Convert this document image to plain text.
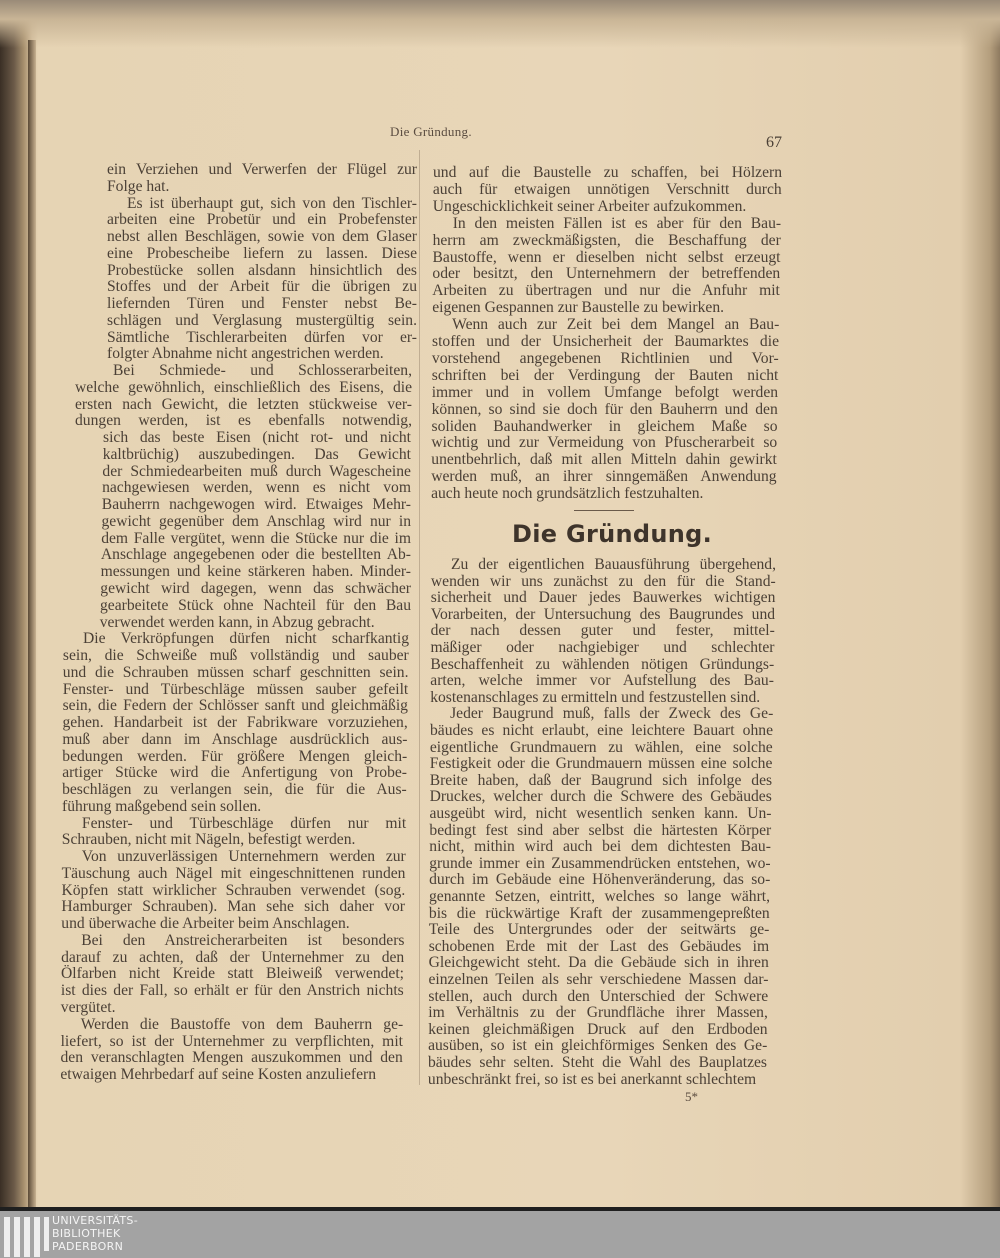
Die Gründung.
67
Die Gründung.
ein Verziehen und Verwerfen der Flügel zur
Folge hat.
Es ist überhaupt gut, sich von den Tischler-
arbeiten eine Probetür und ein Probefenster
nebst allen Beschlägen, sowie von dem Glaser
eine Probescheibe liefern zu lassen. Diese
Probestücke sollen alsdann hinsichtlich des
Stoffes und der Arbeit für die übrigen zu
liefernden Türen und Fenster nebst Be-
schlägen und Verglasung mustergültig sein.
Sämtliche Tischlerarbeiten dürfen vor er-
folgter Abnahme nicht angestrichen werden.
Bei Schmiede- und Schlosserarbeiten,
welche gewöhnlich, einschließlich des Eisens, die
ersten nach Gewicht, die letzten stückweise ver-
dungen werden, ist es ebenfalls notwendig,
sich das beste Eisen (nicht rot- und nicht
kaltbrüchig) auszubedingen. Das Gewicht
der Schmiedearbeiten muß durch Wagescheine
nachgewiesen werden, wenn es nicht vom
Bauherrn nachgewogen wird. Etwaiges Mehr-
gewicht gegenüber dem Anschlag wird nur in
dem Falle vergütet, wenn die Stücke nur die im
Anschlage angegebenen oder die bestellten Ab-
messungen und keine stärkeren haben. Minder-
gewicht wird dagegen, wenn das schwächer
gearbeitete Stück ohne Nachteil für den Bau
verwendet werden kann, in Abzug gebracht.
Die Verkröpfungen dürfen nicht scharfkantig
sein, die Schweiße muß vollständig und sauber
und die Schrauben müssen scharf geschnitten sein.
Fenster- und Türbeschläge müssen sauber gefeilt
sein, die Federn der Schlösser sanft und gleichmäßig
gehen. Handarbeit ist der Fabrikware vorzuziehen,
muß aber dann im Anschlage ausdrücklich aus-
bedungen werden. Für größere Mengen gleich-
artiger Stücke wird die Anfertigung von Probe-
beschlägen zu verlangen sein, die für die Aus-
führung maßgebend sein sollen.
Fenster- und Türbeschläge dürfen nur mit
Schrauben, nicht mit Nägeln, befestigt werden.
Von unzuverlässigen Unternehmern werden zur
Täuschung auch Nägel mit eingeschnittenen runden
Köpfen statt wirklicher Schrauben verwendet (sog.
Hamburger Schrauben). Man sehe sich daher vor
und überwache die Arbeiter beim Anschlagen.
Bei den Anstreicherarbeiten ist besonders
darauf zu achten, daß der Unternehmer zu den
Ölfarben nicht Kreide statt Bleiweiß verwendet;
ist dies der Fall, so erhält er für den Anstrich nichts
vergütet.
Werden die Baustoffe von dem Bauherrn ge-
liefert, so ist der Unternehmer zu verpflichten, mit
den veranschlagten Mengen auszukommen und den
etwaigen Mehrbedarf auf seine Kosten anzuliefern
und auf die Baustelle zu schaffen, bei Hölzern
auch für etwaigen unnötigen Verschnitt durch
Ungeschicklichkeit seiner Arbeiter aufzukommen.
In den meisten Fällen ist es aber für den Bau-
herrn am zweckmäßigsten, die Beschaffung der
Baustoffe, wenn er dieselben nicht selbst erzeugt
oder besitzt, den Unternehmern der betreffenden
Arbeiten zu übertragen und nur die Anfuhr mit
eigenen Gespannen zur Baustelle zu bewirken.
Wenn auch zur Zeit bei dem Mangel an Bau-
stoffen und der Unsicherheit der Baumarktes die
vorstehend angegebenen Richtlinien und Vor-
schriften bei der Verdingung der Bauten nicht
immer und in vollem Umfange befolgt werden
können, so sind sie doch für den Bauherrn und den
soliden Bauhandwerker in gleichem Maße so
wichtig und zur Vermeidung von Pfuscherarbeit so
unentbehrlich, daß mit allen Mitteln dahin gewirkt
werden muß, an ihrer sinngemäßen Anwendung
auch heute noch grundsätzlich festzuhalten.
Zu der eigentlichen Bauausführung übergehend,
wenden wir uns zunächst zu den für die Stand-
sicherheit und Dauer jedes Bauwerkes wichtigen
Vorarbeiten, der Untersuchung des Baugrundes und
der nach dessen guter und fester, mittel-
mäßiger oder nachgiebiger und schlechter
Beschaffenheit zu wählenden nötigen Gründungs-
arten, welche immer vor Aufstellung des Bau-
kostenanschlages zu ermitteln und festzustellen sind.
Jeder Baugrund muß, falls der Zweck des Ge-
bäudes es nicht erlaubt, eine leichtere Bauart ohne
eigentliche Grundmauern zu wählen, eine solche
Festigkeit oder die Grundmauern müssen eine solche
Breite haben, daß der Baugrund sich infolge des
Druckes, welcher durch die Schwere des Gebäudes
ausgeübt wird, nicht wesentlich senken kann. Un-
bedingt fest sind aber selbst die härtesten Körper
nicht, mithin wird auch bei dem dichtesten Bau-
grunde immer ein Zusammendrücken entstehen, wo-
durch im Gebäude eine Höhenveränderung, das so-
genannte Setzen, eintritt, welches so lange währt,
bis die rückwärtige Kraft der zusammengepreßten
Teile des Untergrundes oder der seitwärts ge-
schobenen Erde mit der Last des Gebäudes im
Gleichgewicht steht. Da die Gebäude sich in ihren
einzelnen Teilen als sehr verschiedene Massen dar-
stellen, auch durch den Unterschied der Schwere
im Verhältnis zu der Grundfläche ihrer Massen,
keinen gleichmäßigen Druck auf den Erdboden
ausüben, so ist ein gleichförmiges Senken des Ge-
bäudes sehr selten. Steht die Wahl des Bauplatzes
unbeschränkt frei, so ist es bei anerkannt schlechtem
5*
UNIVERSITÄTS-
BIBLIOTHEK
PADERBORN
